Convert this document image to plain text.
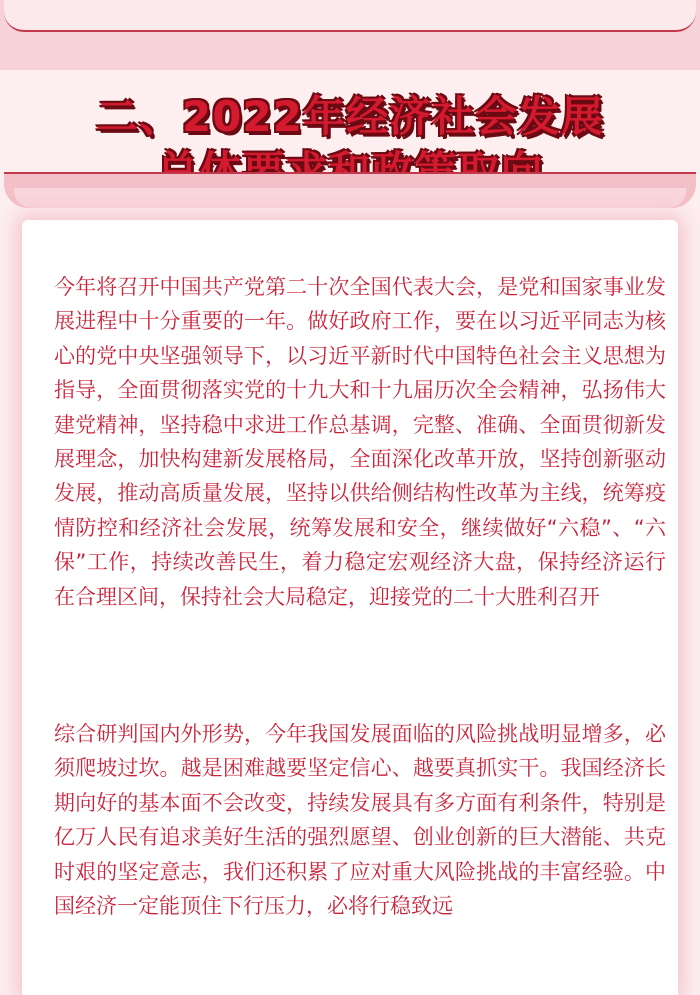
二、2022年经济社会发展

今年将召开中国共产党第二十次全国代表大会，是党和国家事业发展进程中十分重要的一年。做好政府工作，要在以习近平同志为核心的党中央坚强领导下，以习近平新时代中国特色社会主义思想为指导，全面贯彻落实党的十九大和十九届历次全会精神，弘扬伟大建党精神，坚持稳中求进工作总基调，完整、准确、全面贯彻新发展理念，加快构建新发展格局，全面深化改革开放，坚持创新驱动发展，推动高质量发展，坚持以供给侧结构性改革为主线，统筹疫情防控和经济社会发展，统筹发展和安全，继续做好“六稳”、“六保”工作，持续改善民生，着力稳定宏观经济大盘，保持经济运行在合理区间，保持社会大局稳定，迎接党的二十大胜利召开

综合研判国内外形势，今年我国发展面临的风险挑战明显增多，必须爬坡过坎。越是困难越要坚定信心、越要真抓实干。我国经济长期向好的基本面不会改变，持续发展具有多方面有利条件，特别是亿万人民有追求美好生活的强烈愿望、创业创新的巨大潜能、共克时艰的坚定意志，我们还积累了应对重大风险挑战的丰富经验。中国经济一定能顶住下行压力，必将行稳致远
